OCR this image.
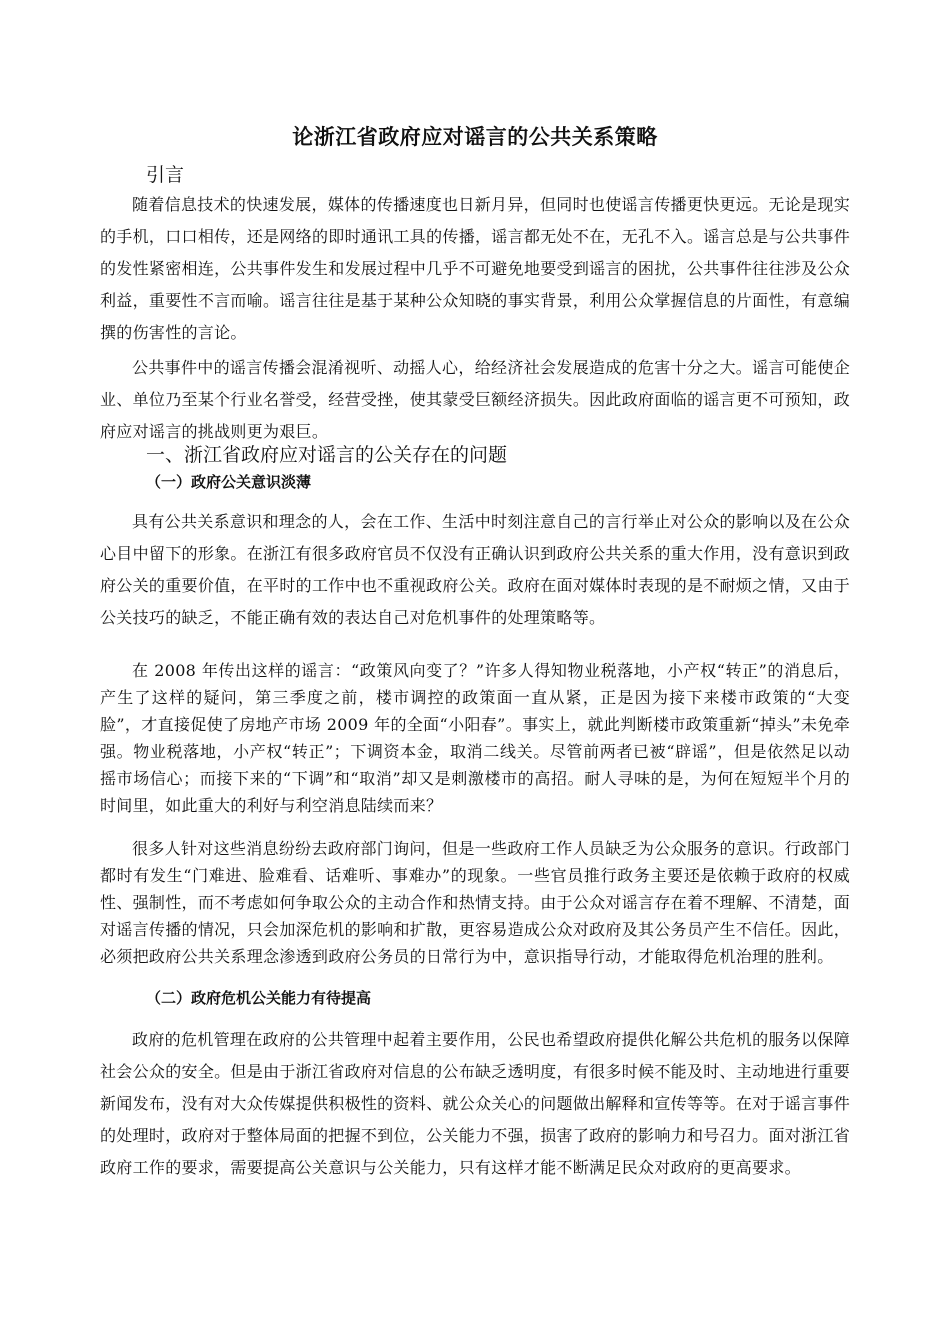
论浙江省政府应对谣言的公共关系策略
引言

随着信息技术的快速发展，媒体的传播速度也日新月异，但同时也使谣言传播更快更远。无论是现实的手机，口口相传，还是网络的即时通讯工具的传播，谣言都无处不在，无孔不入。谣言总是与公共事件的发性紧密相连，公共事件发生和发展过程中几乎不可避免地要受到谣言的困扰，公共事件往往涉及公众利益，重要性不言而喻。谣言往往是基于某种公众知晓的事实背景，利用公众掌握信息的片面性，有意编撰的伤害性的言论。

公共事件中的谣言传播会混淆视听、动摇人心，给经济社会发展造成的危害十分之大。谣言可能使企业、单位乃至某个行业名誉受，经营受挫，使其蒙受巨额经济损失。因此政府面临的谣言更不可预知，政府应对谣言的挑战则更为艰巨。

一、浙江省政府应对谣言的公关存在的问题
（一）政府公关意识淡薄

具有公共关系意识和理念的人，会在工作、生活中时刻注意自己的言行举止对公众的影响以及在公众心目中留下的形象。在浙江有很多政府官员不仅没有正确认识到政府公共关系的重大作用，没有意识到政府公关的重要价值，在平时的工作中也不重视政府公关。政府在面对媒体时表现的是不耐烦之情，又由于公关技巧的缺乏，不能正确有效的表达自己对危机事件的处理策略等。

在 2008 年传出这样的谣言：“政策风向变了？”许多人得知物业税落地，小产权“转正”的消息后，产生了这样的疑问，第三季度之前，楼市调控的政策面一直从紧，正是因为接下来楼市政策的“大变脸”，才直接促使了房地产市场 2009 年的全面“小阳春”。事实上，就此判断楼市政策重新“掉头”未免牵强。物业税落地，小产权“转正”；下调资本金，取消二线关。尽管前两者已被“辟谣”，但是依然足以动摇市场信心；而接下来的“下调”和“取消”却又是刺激楼市的高招。耐人寻味的是，为何在短短半个月的时间里，如此重大的利好与利空消息陆续而来？

很多人针对这些消息纷纷去政府部门询问，但是一些政府工作人员缺乏为公众服务的意识。行政部门都时有发生“门难进、脸难看、话难听、事难办”的现象。一些官员推行政务主要还是依赖于政府的权威性、强制性，而不考虑如何争取公众的主动合作和热情支持。由于公众对谣言存在着不理解、不清楚，面对谣言传播的情况，只会加深危机的影响和扩散，更容易造成公众对政府及其公务员产生不信任。因此，必须把政府公共关系理念渗透到政府公务员的日常行为中，意识指导行动，才能取得危机治理的胜利。

（二）政府危机公关能力有待提高

政府的危机管理在政府的公共管理中起着主要作用，公民也希望政府提供化解公共危机的服务以保障社会公众的安全。但是由于浙江省政府对信息的公布缺乏透明度，有很多时候不能及时、主动地进行重要新闻发布，没有对大众传媒提供积极性的资料、就公众关心的问题做出解释和宣传等等。在对于谣言事件的处理时，政府对于整体局面的把握不到位，公关能力不强，损害了政府的影响力和号召力。面对浙江省政府工作的要求，需要提高公关意识与公关能力，只有这样才能不断满足民众对政府的更高要求。
